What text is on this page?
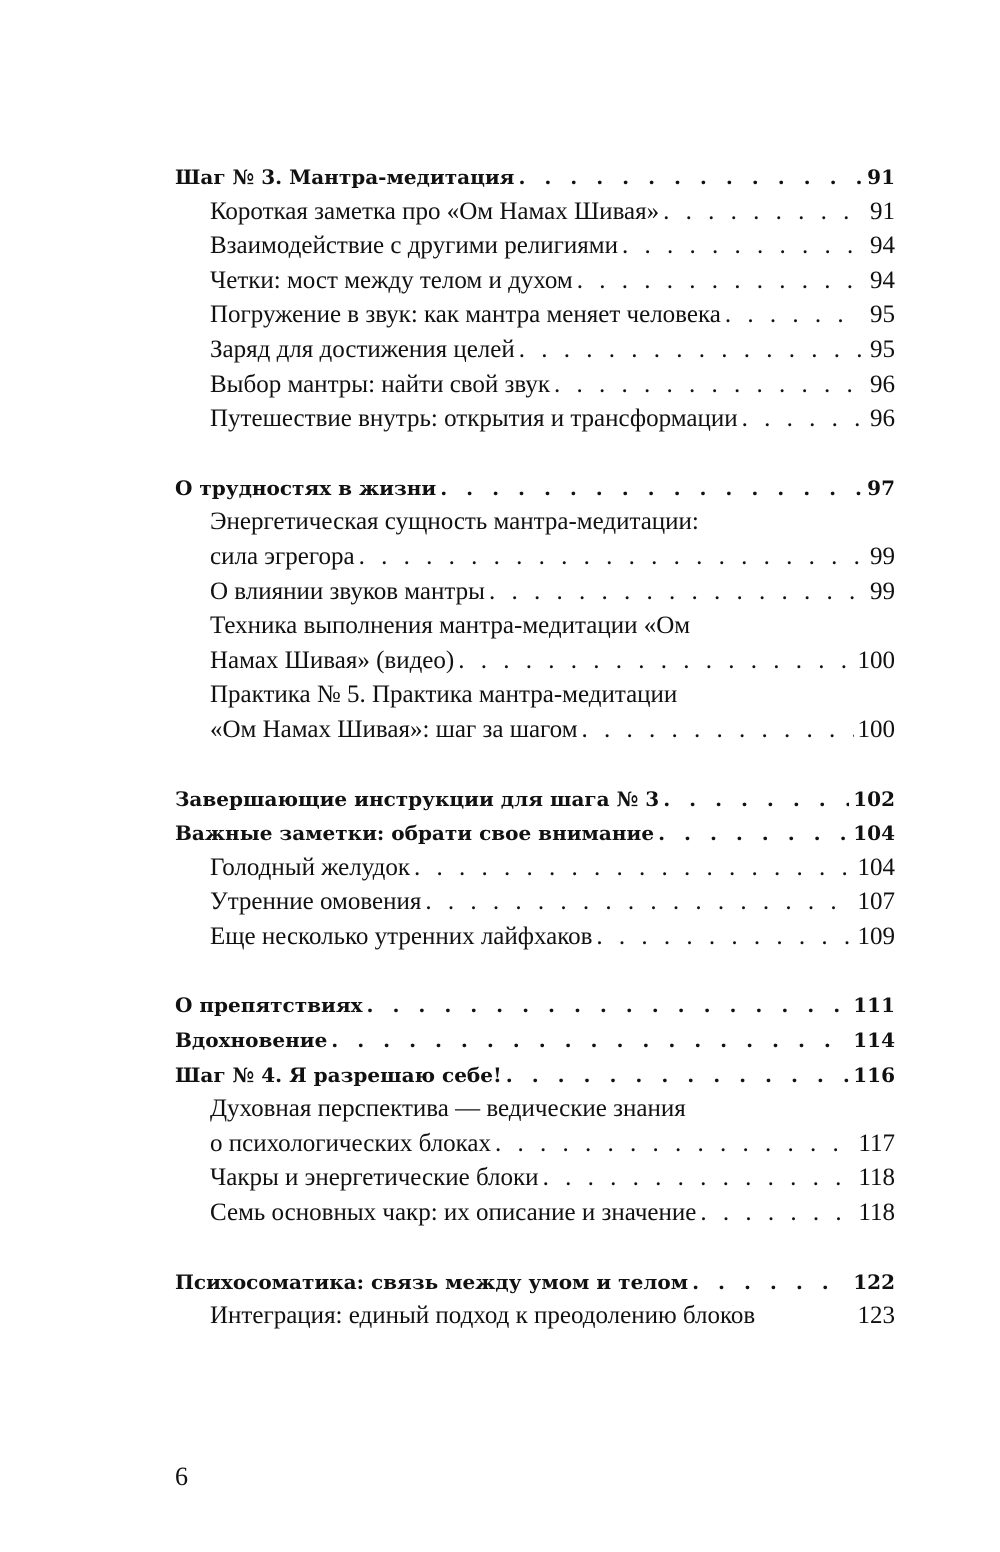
Шаг № 3. Мантра-медитация . . .	91
Короткая заметка про «Ом Намах Шивая» . . .	91
Взаимодействие с другими религиями . . .	94
Четки: мост между телом и духом . . .	94
Погружение в звук: как мантра меняет человека . . .	95
Заряд для достижения целей . . .	95
Выбор мантры: найти свой звук . . .	96
Путешествие внутрь: открытия и трансформации . . .	96
О трудностях в жизни . . .	97
Энергетическая сущность мантра-медитации:
сила эгрегора . . .	99
О влиянии звуков мантры . . .	99
Техника выполнения мантра-медитации «Ом
Намах Шивая» (видео) . . .	100
Практика № 5. Практика мантра-медитации
«Ом Намах Шивая»: шаг за шагом . . .	100
Завершающие инструкции для шага № 3 . . .	102
Важные заметки: обрати свое внимание . . .	104
Голодный желудок . . .	104
Утренние омовения . . .	107
Еще несколько утренних лайфхаков . . .	109
О препятствиях . . .	111
Вдохновение . . .	114
Шаг № 4. Я разрешаю себе! . . .	116
Духовная перспектива — ведические знания
о психологических блоках . . .	117
Чакры и энергетические блоки . . .	118
Семь основных чакр: их описание и значение . . .	118
Психосоматика: связь между умом и телом . . .	122
Интеграция: единый подход к преодолению блоков	123
6
